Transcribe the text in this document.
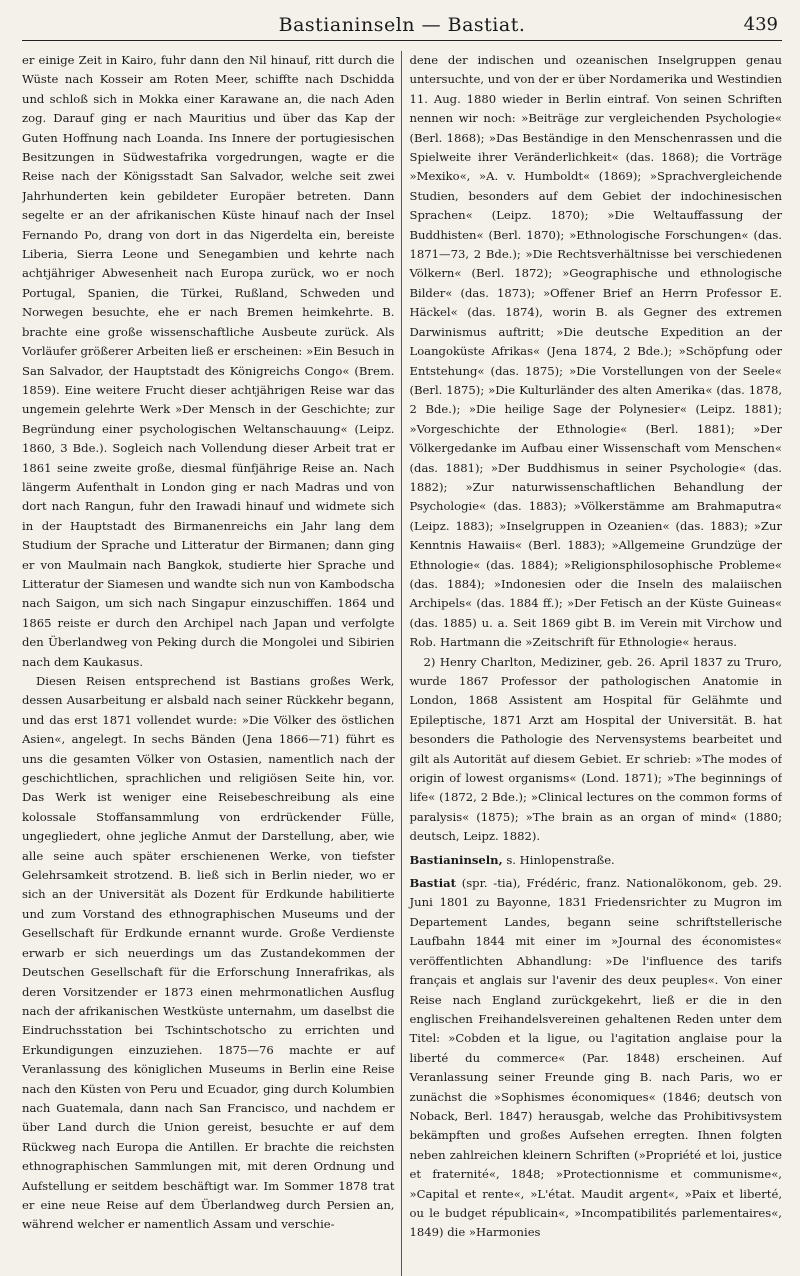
Bastianinseln — Bastiat.	439

er einige Zeit in Kairo, fuhr dann den Nil hinauf, ritt durch die Wüste nach Kosseir am Roten Meer, schiffte nach Dschidda und schloß sich in Mokka einer Karawane an, die nach Aden zog. Darauf ging er nach Mauritius und über das Kap der Guten Hoffnung nach Loanda. Ins Innere der portugiesischen Besitzungen in Südwestafrika vorgedrungen, wagte er die Reise nach der Königsstadt San Salvador, welche seit zwei Jahrhunderten kein gebildeter Europäer betreten. Dann segelte er an der afrikanischen Küste hinauf nach der Insel Fernando Po, drang von dort in das Nigerdelta ein, bereiste Liberia, Sierra Leone und Senegambien und kehrte nach achtjähriger Abwesenheit nach Europa zurück, wo er noch Portugal, Spanien, die Türkei, Rußland, Schweden und Norwegen besuchte, ehe er nach Bremen heimkehrte. B. brachte eine große wissenschaftliche Ausbeute zurück. Als Vorläufer größerer Arbeiten ließ er erscheinen: »Ein Besuch in San Salvador, der Hauptstadt des Königreichs Congo« (Brem. 1859). Eine weitere Frucht dieser achtjährigen Reise war das ungemein gelehrte Werk »Der Mensch in der Geschichte; zur Begründung einer psychologischen Weltanschauung« (Leipz. 1860, 3 Bde.). Sogleich nach Vollendung dieser Arbeit trat er 1861 seine zweite große, diesmal fünfjährige Reise an. Nach längerm Aufenthalt in London ging er nach Madras und von dort nach Rangun, fuhr den Irawadi hinauf und widmete sich in der Hauptstadt des Birmanenreichs ein Jahr lang dem Studium der Sprache und Litteratur der Birmanen; dann ging er von Maulmain nach Bangkok, studierte hier Sprache und Litteratur der Siamesen und wandte sich nun von Kambodscha nach Saigon, um sich nach Singapur einzuschiffen. 1864 und 1865 reiste er durch den Archipel nach Japan und verfolgte den Überlandweg von Peking durch die Mongolei und Sibirien nach dem Kaukasus.

Diesen Reisen entsprechend ist Bastians großes Werk, dessen Ausarbeitung er alsbald nach seiner Rückkehr begann, und das erst 1871 vollendet wurde: »Die Völker des östlichen Asien«, angelegt. In sechs Bänden (Jena 1866—71) führt es uns die gesamten Völker von Ostasien, namentlich nach der geschichtlichen, sprachlichen und religiösen Seite hin, vor. Das Werk ist weniger eine Reisebeschreibung als eine kolossale Stoffansammlung von erdrückender Fülle, ungegliedert, ohne jegliche Anmut der Darstellung, aber, wie alle seine auch später erschienenen Werke, von tiefster Gelehrsamkeit strotzend. B. ließ sich in Berlin nieder, wo er sich an der Universität als Dozent für Erdkunde habilitierte und zum Vorstand des ethnographischen Museums und der Gesellschaft für Erdkunde ernannt wurde. Große Verdienste erwarb er sich neuerdings um das Zustandekommen der Deutschen Gesellschaft für die Erforschung Innerafrikas, als deren Vorsitzender er 1873 einen mehrmonatlichen Ausflug nach der afrikanischen Westküste unternahm, um daselbst die Eindruchsstation bei Tschintschotscho zu errichten und Erkundigungen einzuziehen. 1875—76 machte er auf Veranlassung des königlichen Museums in Berlin eine Reise nach den Küsten von Peru und Ecuador, ging durch Kolumbien nach Guatemala, dann nach San Francisco, und nachdem er über Land durch die Union gereist, besuchte er auf dem Rückweg nach Europa die Antillen. Er brachte die reichsten ethnographischen Sammlungen mit, mit deren Ordnung und Aufstellung er seitdem beschäftigt war. Im Sommer 1878 trat er eine neue Reise auf dem Überlandweg durch Persien an, während welcher er namentlich Assam und verschie-

dene der indischen und ozeanischen Inselgruppen genau untersuchte, und von der er über Nordamerika und Westindien 11. Aug. 1880 wieder in Berlin eintraf. Von seinen Schriften nennen wir noch: »Beiträge zur vergleichenden Psychologie« (Berl. 1868); »Das Beständige in den Menschenrassen und die Spielweite ihrer Veränderlichkeit« (das. 1868); die Vorträge »Mexiko«, »A. v. Humboldt« (1869); »Sprachvergleichende Studien, besonders auf dem Gebiet der indochinesischen Sprachen« (Leipz. 1870); »Die Weltauffassung der Buddhisten« (Berl. 1870); »Ethnologische Forschungen« (das. 1871—73, 2 Bde.); »Die Rechtsverhältnisse bei verschiedenen Völkern« (Berl. 1872); »Geographische und ethnologische Bilder« (das. 1873); »Offener Brief an Herrn Professor E. Häckel« (das. 1874), worin B. als Gegner des extremen Darwinismus auftritt; »Die deutsche Expedition an der Loangoküste Afrikas« (Jena 1874, 2 Bde.); »Schöpfung oder Entstehung« (das. 1875); »Die Vorstellungen von der Seele« (Berl. 1875); »Die Kulturländer des alten Amerika« (das. 1878, 2 Bde.); »Die heilige Sage der Polynesier« (Leipz. 1881); »Vorgeschichte der Ethnologie« (Berl. 1881); »Der Völkergedanke im Aufbau einer Wissenschaft vom Menschen« (das. 1881); »Der Buddhismus in seiner Psychologie« (das. 1882); »Zur naturwissenschaftlichen Behandlung der Psychologie« (das. 1883); »Völkerstämme am Brahmaputra« (Leipz. 1883); »Inselgruppen in Ozeanien« (das. 1883); »Zur Kenntnis Hawaiis« (Berl. 1883); »Allgemeine Grundzüge der Ethnologie« (das. 1884); »Religionsphilosophische Probleme« (das. 1884); »Indonesien oder die Inseln des malaiischen Archipels« (das. 1884 ff.); »Der Fetisch an der Küste Guineas« (das. 1885) u. a. Seit 1869 gibt B. im Verein mit Virchow und Rob. Hartmann die »Zeitschrift für Ethnologie« heraus.

2) Henry Charlton, Mediziner, geb. 26. April 1837 zu Truro, wurde 1867 Professor der pathologischen Anatomie in London, 1868 Assistent am Hospital für Gelähmte und Epileptische, 1871 Arzt am Hospital der Universität. B. hat besonders die Pathologie des Nervensystems bearbeitet und gilt als Autorität auf diesem Gebiet. Er schrieb: »The modes of origin of lowest organisms« (Lond. 1871); »The beginnings of life« (1872, 2 Bde.); »Clinical lectures on the common forms of paralysis« (1875); »The brain as an organ of mind« (1880; deutsch, Leipz. 1882).

Bastianinseln, s. Hinlopenstraße.

Bastiat (spr. -tia), Frédéric, franz. Nationalökonom, geb. 29. Juni 1801 zu Bayonne, 1831 Friedensrichter zu Mugron im Departement Landes, begann seine schriftstellerische Laufbahn 1844 mit einer im »Journal des économistes« veröffentlichten Abhandlung: »De l'influence des tarifs français et anglais sur l'avenir des deux peuples«. Von einer Reise nach England zurückgekehrt, ließ er die in den englischen Freihandelsvereinen gehaltenen Reden unter dem Titel: »Cobden et la ligue, ou l'agitation anglaise pour la liberté du commerce« (Par. 1848) erscheinen. Auf Veranlassung seiner Freunde ging B. nach Paris, wo er zunächst die »Sophismes économiques« (1846; deutsch von Noback, Berl. 1847) herausgab, welche das Prohibitivsystem bekämpften und großes Aufsehen erregten. Ihnen folgten neben zahlreichen kleinern Schriften (»Propriété et loi, justice et fraternité«, 1848; »Protectionnisme et communisme«, »Capital et rente«, »L'état. Maudit argent«, »Paix et liberté, ou le budget républicain«, »Incompatibilités parlementaires«, 1849) die »Harmonies
